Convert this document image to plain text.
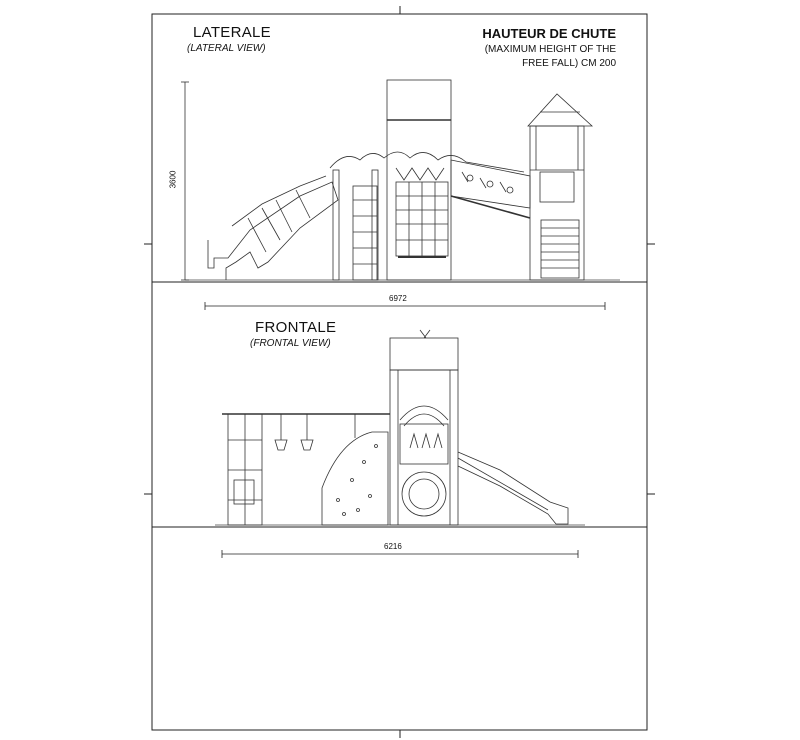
LATERALE
(LATERAL VIEW)
HAUTEUR DE CHUTE
(MAXIMUM HEIGHT OF THE
FREE FALL) CM 200
3600
6972
FRONTALE
(FRONTAL VIEW)
6216
